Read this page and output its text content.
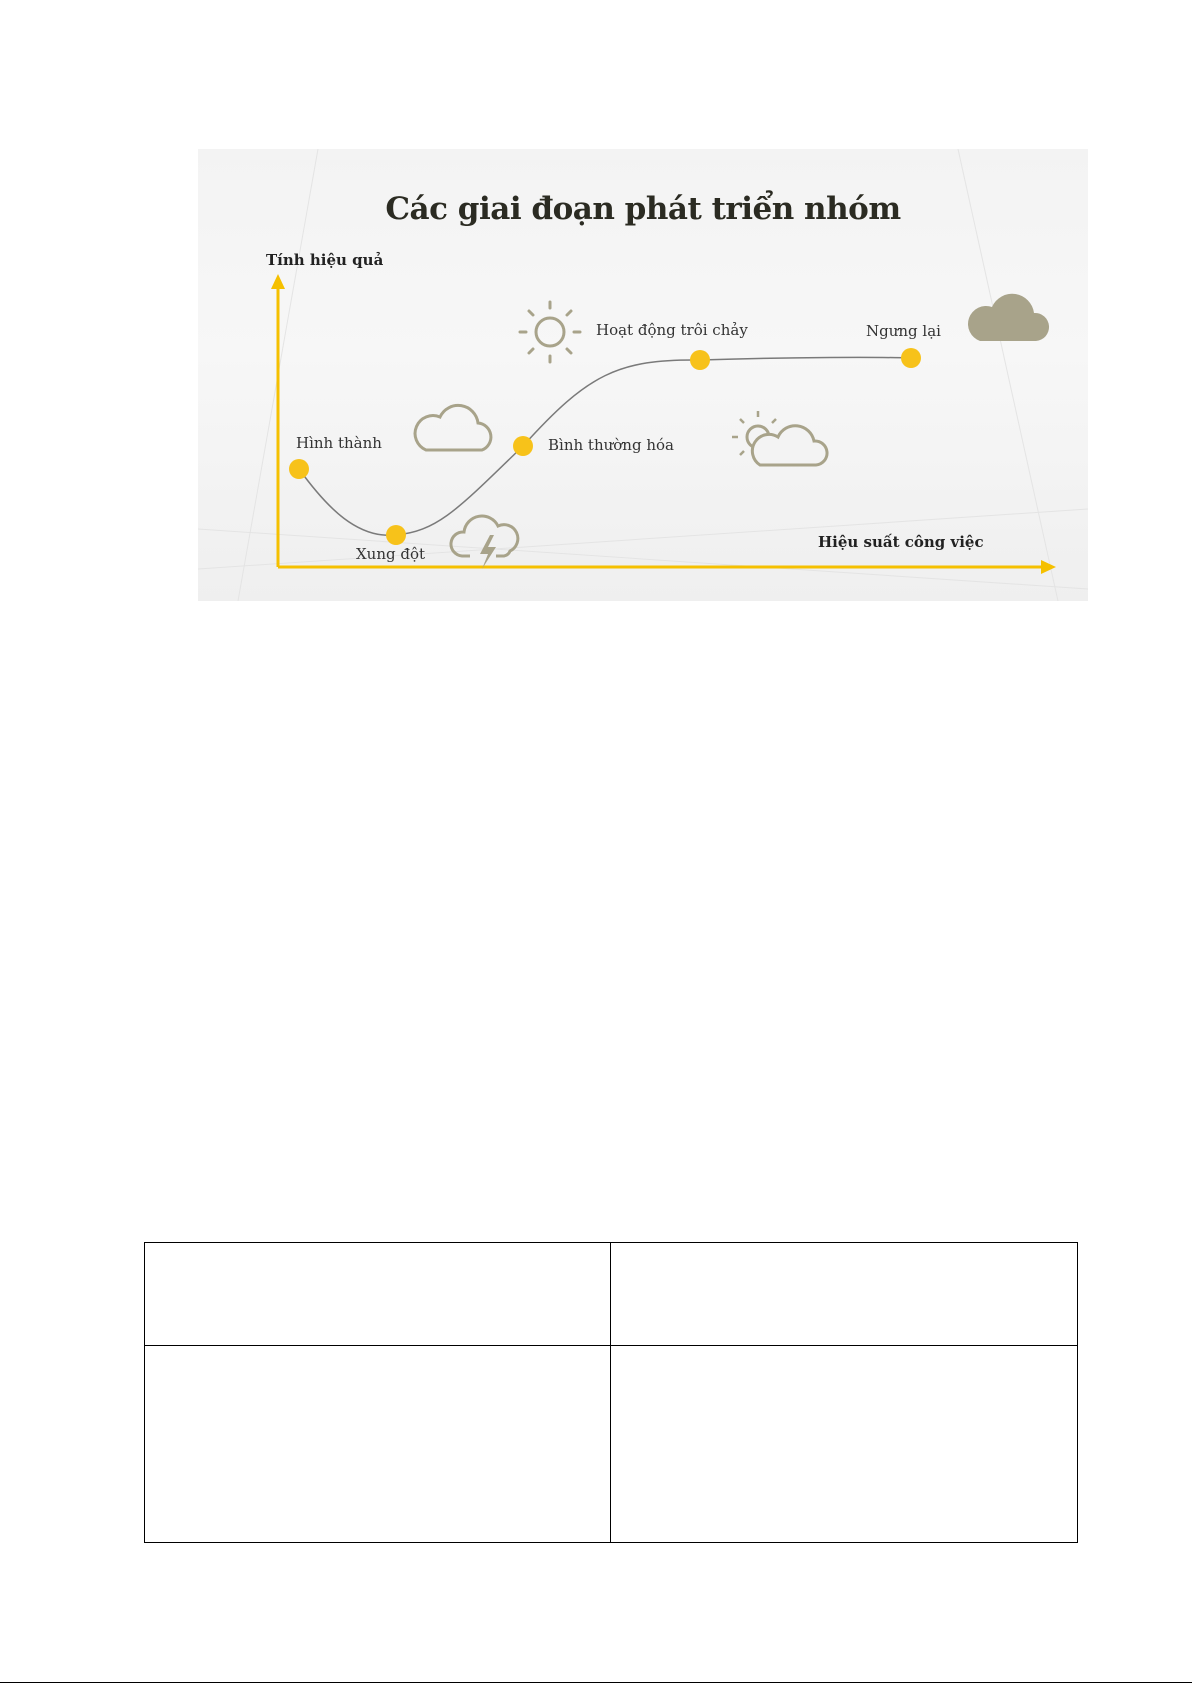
Các giai đoạn phát triển nhóm
Tính hiệu quả
Hiệu suất công việc
Hình thành
Xung đột
Bình thường hóa
Hoạt động trôi chảy	Ngưng lại
